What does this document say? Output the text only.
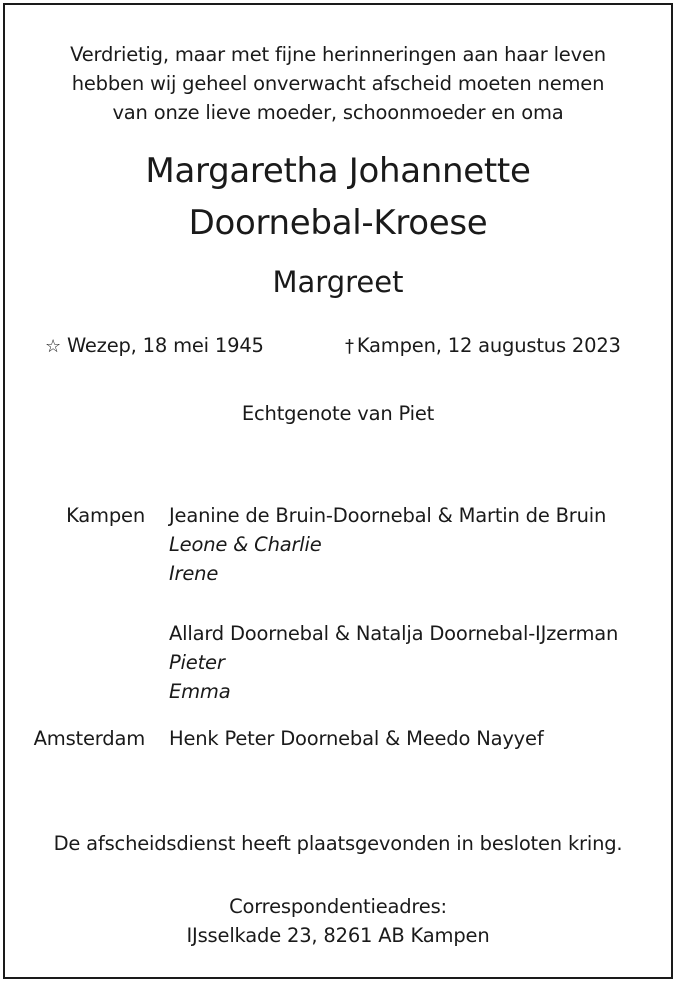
Verdrietig, maar met fijne herinneringen aan haar leven
hebben wij geheel onverwacht afscheid moeten nemen
van onze lieve moeder, schoonmoeder en oma
Margaretha Johannette
Doornebal-Kroese
Margreet
☆ Wezep, 18 mei 1945	† Kampen, 12 augustus 2023
Echtgenote van Piet
Kampen Jeanine de Bruin-Doornebal & Martin de Bruin
Leone & Charlie
Irene
Allard Doornebal & Natalja Doornebal-IJzerman
Pieter
Emma
Amsterdam Henk Peter Doornebal & Meedo Nayyef
De afscheidsdienst heeft plaatsgevonden in besloten kring.
Correspondentieadres:
IJsselkade 23, 8261 AB Kampen
